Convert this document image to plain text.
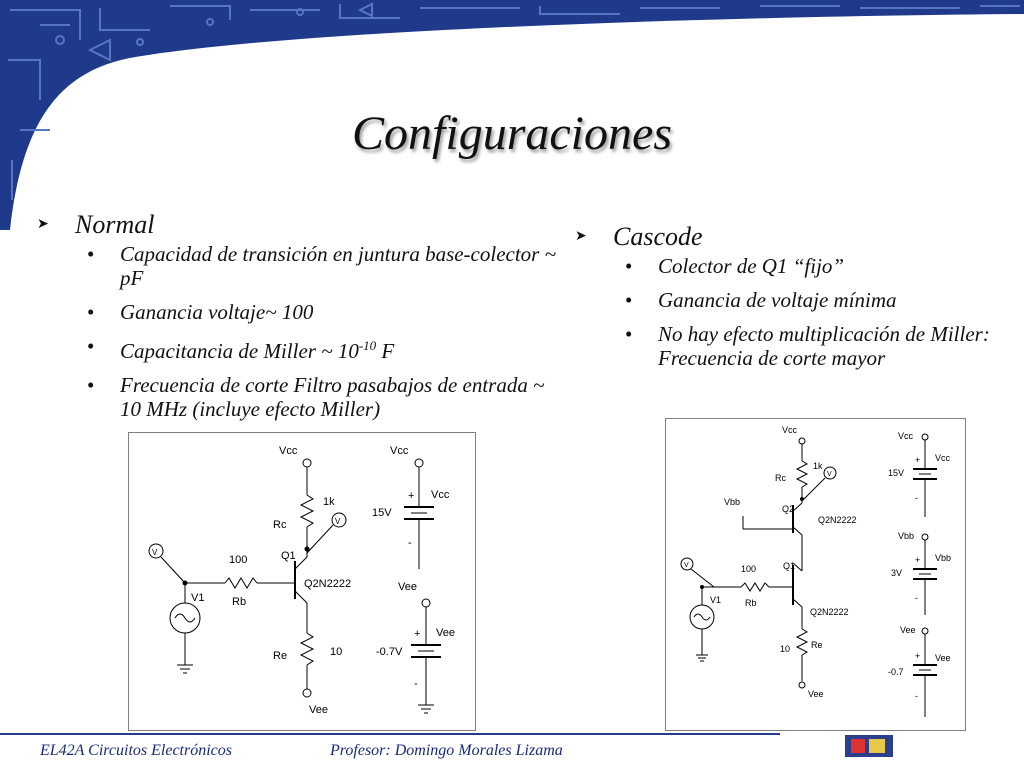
Configuraciones
➤ Normal
• Capacidad de transición en juntura base-colector ~ pF
• Ganancia voltaje~ 100
• Capacitancia de Miller ~ $10^{-10}$ F
• Frecuencia de corte Filtro pasabajos de entrada ~ 10 MHz (incluye efecto Miller)
➤ Cascode
• Colector de Q1 “fijo”
• Ganancia de voltaje mínima
• No hay efecto multiplicación de Miller: Frecuencia de corte mayor
Vcc	Vcc
Vcc
15V
+
-
Rc
1k
V
V
100	Q1
Q2N2222
V1	Rb
Re	10
Vee
Vee
Vee
-0.7V
+
-
Vcc
Vcc
Vcc
15V
+
-
1k
V
Rc
Vbb
Q2
Q2N2222
Vbb
Vbb
3V
+
-
V	100	Q1
V1	Rb
Q2N2222
10 Re
Vee
Vee
Vee
-0.7
+
-
EL42A Circuitos Electrónicos	Profesor: Domingo Morales Lizama
